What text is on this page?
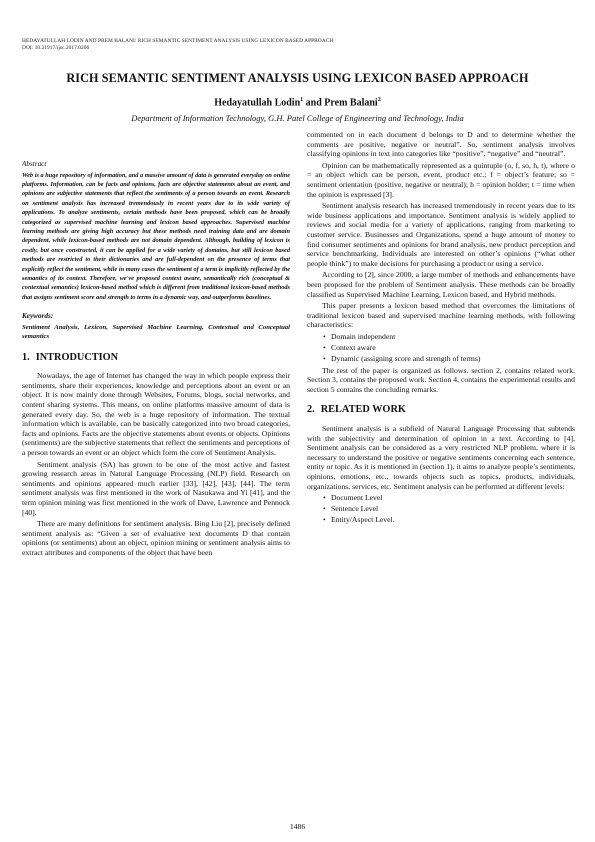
HEDAYATULLAH LODIN AND PREM BALANI: RICH SEMANTIC SENTIMENT ANALYSIS USING LEXICON BASED APPROACH
DOI: 10.21917/ijsc.2017.0206
RICH SEMANTIC SENTIMENT ANALYSIS USING LEXICON BASED APPROACH
Hedayatullah Lodin$^1$ and Prem Balani$^2$
Department of Information Technology, G.H. Patel College of Engineering and Technology, India
Abstract

Web is a huge repository of information, and a massive amount of data is generated everyday on online platforms. Information, can be facts and opinions, facts are objective statements about an event, and opinions are subjective statements that reflect the sentiments of a person towards an event. Research on sentiment analysis has increased tremendously in recent years due to its wide variety of applications. To analyze sentiments, certain methods have been proposed, which can be broadly categorized as supervised machine learning and lexicon based approaches. Supervised machine learning methods are giving high accuracy but these methods need training data and are domain dependent, while lexicon-based methods are not domain dependent. Although, building of lexicon is costly, but once constructed, it can be applied for a wide variety of domains, but still lexicon based methods are restricted to their dictionaries and are full-dependent on the presence of terms that explicitly reflect the sentiment, while in many cases the sentiment of a term is implicitly reflected by the semantics of its context. Therefore, we've proposed context aware, semantically rich (conceptual & contextual semantics) lexicon-based method which is different from traditional lexicon-based methods that assigns sentiment score and strength to terms in a dynamic way, and outperforms baselines.

Keywords:

Sentiment Analysis, Lexicon, Supervised Machine Learning, Contextual and Conceptual semantics

1. INTRODUCTION

Nowadays, the age of Internet has changed the way in which people express their sentiments, share their experiences, knowledge and perceptions about an event or an object. It is now mainly done through Websites, Forums, blogs, social networks, and content sharing systems. This means, on online platforms massive amount of data is generated every day. So, the web is a huge repository of information. The textual information which is available, can be basically categorized into two broad categories, facts and opinions. Facts are the objective statements about events or objects. Opinions (sentiments) are the subjective statements that reflect the sentiments and perceptions of a person towards an event or an object which form the core of Sentiment Analysis.

Sentiment analysis (SA) has grown to be one of the most active and fastest growing research areas in Natural Language Processing (NLP) field. Research on sentiments and opinions appeared much earlier [33], [42], [43], [44]. The term sentiment analysis was first mentioned in the work of Nasukawa and Yi [41], and the term opinion mining was first mentioned in the work of Dave, Lawrence and Pennock [40].

There are many definitions for sentiment analysis. Bing Liu [2], precisely defined sentiment analysis as: “Given a set of evaluative text documents D that contain opinions (or sentiments) about an object, opinion mining or sentiment analysis aims to extract attributes and components of the object that have been

commented on in each document d belongs to D and to determine whether the comments are positive, negative or neutral”. So, sentiment analysis involves classifying opinions in text into categories like “positive”, “negative” and “neutral”.

Opinion can be mathematically represented as a quintuple (o, f, so, h, t), where o = an object which can be person, event, product etc.; f = object’s feature; so = sentiment orientation (positive, negative or neutral); h = opinion holder; t = time when the opinion is expressed [3].

Sentiment analysis research has increased tremendously in recent years due to its wide business applications and importance. Sentiment analysis is widely applied to reviews and social media for a variety of applications, ranging from marketing to customer service. Businesses and Organizations, spend a huge amount of money to find consumer sentiments and opinions for brand analysis, new product perception and service benchmarking. Individuals are interested on other’s opinions (“what other people think”) to make decisions for purchasing a product or using a service.

According to [2], since 2000, a large number of methods and enhancements have been proposed for the problem of Sentiment analysis. These methods can be broadly classified as Supervised Machine Learning, Lexicon based, and Hybrid methods.

This paper presents a lexicon based method that overcomes the limitations of traditional lexicon based and supervised machine learning methods, with following characteristics:

• Domain independent
• Context aware
• Dynamic (assigning score and strength of terms)

The rest of the paper is organized as follows. section 2, contains related work. Section 3, contains the proposed work. Section 4, contains the experimental results and section 5 contains the concluding remarks.

2. RELATED WORK

Sentiment analysis is a subfield of Natural Language Processing that subtends with the subjectivity and determination of opinion in a text. According to [4], Sentiment analysis can be considered as a very restricted NLP problem, where it is necessary to understand the positive or negative sentiments concerning each sentence, entity or topic. As it is mentioned in (section 1), it aims to analyze people’s sentiments, opinions, emotions, etc., towards objects such as topics, products, individuals, organizations, services, etc. Sentiment analysis can be performed at different levels:

• Document Level
• Sentence Level
• Entity/Aspect Level.
1486
